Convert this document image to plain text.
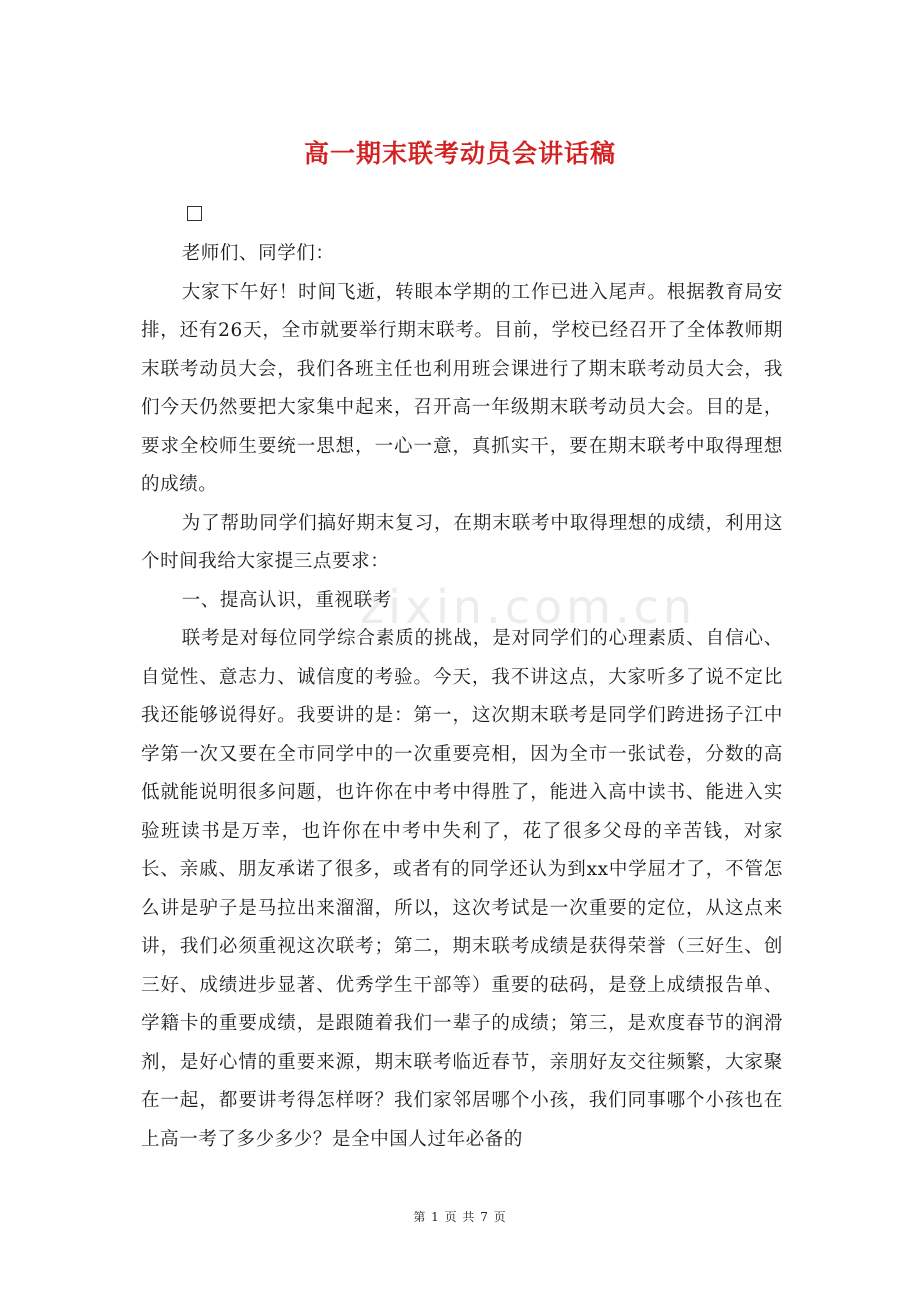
高一期末联考动员会讲话稿
zixin.com.cn

老师们、同学们：

大家下午好！时间飞逝，转眼本学期的工作已进入尾声。根据教育局安排，还有26天，全市就要举行期末联考。目前，学校已经召开了全体教师期末联考动员大会，我们各班主任也利用班会课进行了期末联考动员大会，我们今天仍然要把大家集中起来，召开高一年级期末联考动员大会。目的是，要求全校师生要统一思想，一心一意，真抓实干，要在期末联考中取得理想的成绩。

为了帮助同学们搞好期末复习，在期末联考中取得理想的成绩，利用这个时间我给大家提三点要求：

一、提高认识，重视联考

联考是对每位同学综合素质的挑战，是对同学们的心理素质、自信心、自觉性、意志力、诚信度的考验。今天，我不讲这点，大家听多了说不定比我还能够说得好。我要讲的是：第一，这次期末联考是同学们跨进扬子江中学第一次又要在全市同学中的一次重要亮相，因为全市一张试卷，分数的高低就能说明很多问题，也许你在中考中得胜了，能进入高中读书、能进入实验班读书是万幸，也许你在中考中失利了，花了很多父母的辛苦钱，对家长、亲戚、朋友承诺了很多，或者有的同学还认为到xx中学屈才了，不管怎么讲是驴子是马拉出来溜溜，所以，这次考试是一次重要的定位，从这点来讲，我们必须重视这次联考；第二，期末联考成绩是获得荣誉（三好生、创三好、成绩进步显著、优秀学生干部等）重要的砝码，是登上成绩报告单、学籍卡的重要成绩，是跟随着我们一辈子的成绩；第三，是欢度春节的润滑剂，是好心情的重要来源，期末联考临近春节，亲朋好友交往频繁，大家聚在一起，都要讲考得怎样呀？我们家邻居哪个小孩，我们同事哪个小孩也在上高一考了多少多少？是全中国人过年必备的

第 1 页 共 7 页
